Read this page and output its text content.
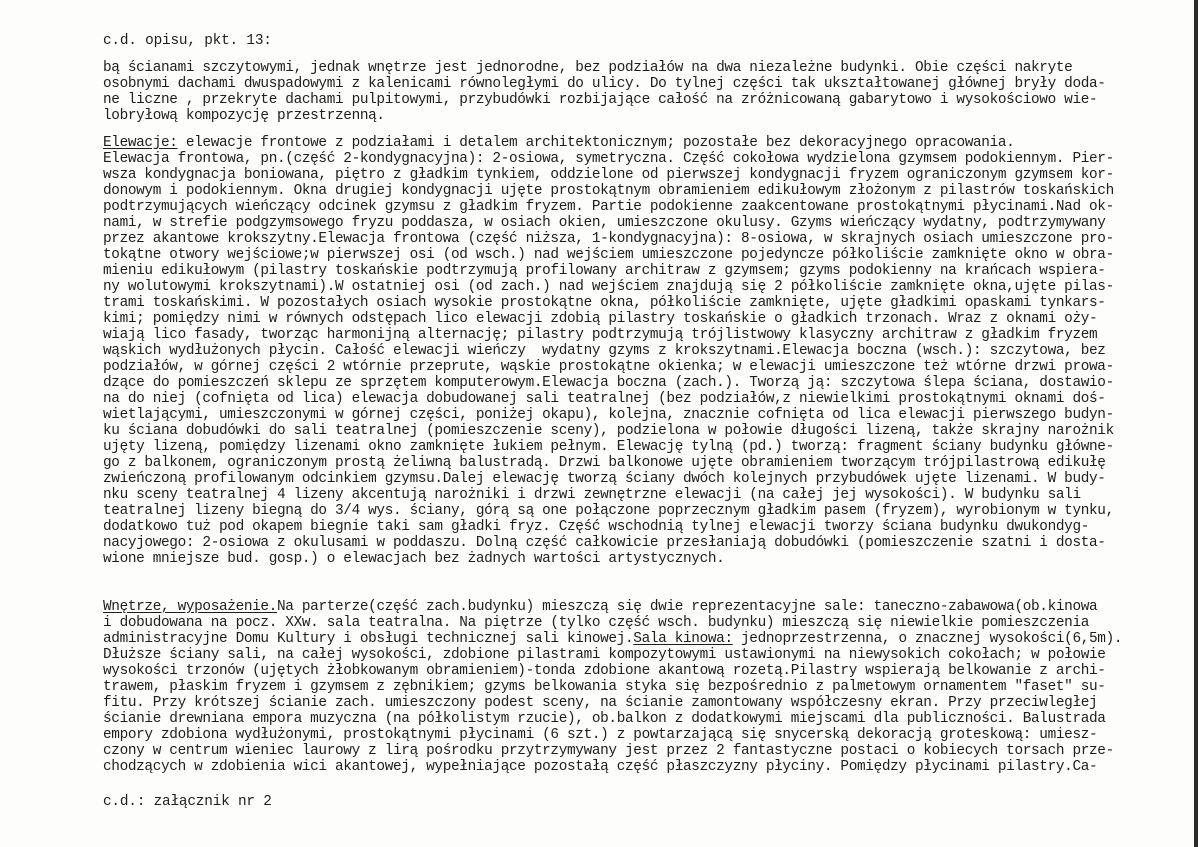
c.d. opisu, pkt. 13:

bą ścianami szczytowymi, jednak wnętrze jest jednorodne, bez podziałów na dwa niezależne budynki. Obie części nakryte

osobnymi dachami dwuspadowymi z kalenicami równoległymi do ulicy. Do tylnej części tak ukształtowanej głównej bryły doda-

ne liczne , przekryte dachami pulpitowymi, przybudówki rozbijające całość na zróżnicowaną gabarytowo i wysokościowo wie-

lobryłową kompozycję przestrzenną.

Elewacje: elewacje frontowe z podziałami i detalem architektonicznym; pozostałe bez dekoracyjnego opracowania.

Elewacja frontowa, pn.(część 2-kondygnacyjna): 2-osiowa, symetryczna. Część cokołowa wydzielona gzymsem podokiennym. Pier-

wsza kondygnacja boniowana, piętro z gładkim tynkiem, oddzielone od pierwszej kondygnacji fryzem ograniczonym gzymsem kor-

donowym i podokiennym. Okna drugiej kondygnacji ujęte prostokątnym obramieniem edikułowym złożonym z pilastrów toskańskich

podtrzymujących wieńczący odcinek gzymsu z gładkim fryzem. Partie podokienne zaakcentowane prostokątnymi płycinami.Nad ok-

nami, w strefie podgzymsowego fryzu poddasza, w osiach okien, umieszczone okulusy. Gzyms wieńczący wydatny, podtrzymywany

przez akantowe krokszytny.Elewacja frontowa (część niższa, 1-kondygnacyjna): 8-osiowa, w skrajnych osiach umieszczone pro-

tokątne otwory wejściowe;w pierwszej osi (od wsch.) nad wejściem umieszczone pojedyncze półkoliście zamknięte okno w obra-

mieniu edikułowym (pilastry toskańskie podtrzymują profilowany architraw z gzymsem; gzyms podokienny na krańcach wspiera-

ny wolutowymi krokszytnami).W ostatniej osi (od zach.) nad wejściem znajdują się 2 półkoliście zamknięte okna,ujęte pilas-

trami toskańskimi. W pozostałych osiach wysokie prostokątne okna, półkoliście zamknięte, ujęte gładkimi opaskami tynkars-

kimi; pomiędzy nimi w równych odstępach lico elewacji zdobią pilastry toskańskie o gładkich trzonach. Wraz z oknami oży-

wiają lico fasady, tworząc harmonijną alternację; pilastry podtrzymują trójlistwowy klasyczny architraw z gładkim fryzem

wąskich wydłużonych płycin. Całość elewacji wieńczy  wydatny gzyms z krokszytnami.Elewacja boczna (wsch.): szczytowa, bez

podziałów, w górnej części 2 wtórnie przeprute, wąskie prostokątne okienka; w elewacji umieszczone też wtórne drzwi prowa-

dzące do pomieszczeń sklepu ze sprzętem komputerowym.Elewacja boczna (zach.). Tworzą ją: szczytowa ślepa ściana, dostawio-

na do niej (cofnięta od lica) elewacja dobudowanej sali teatralnej (bez podziałów,z niewielkimi prostokątnymi oknami doś-

wietlającymi, umieszczonymi w górnej części, poniżej okapu), kolejna, znacznie cofnięta od lica elewacji pierwszego budyn-

ku ściana dobudówki do sali teatralnej (pomieszczenie sceny), podzielona w połowie długości lizeną, także skrajny narożnik

ujęty lizeną, pomiędzy lizenami okno zamknięte łukiem pełnym. Elewację tylną (pd.) tworzą: fragment ściany budynku główne-

go z balkonem, ograniczonym prostą żeliwną balustradą. Drzwi balkonowe ujęte obramieniem tworzącym trójpilastrową edikułę

zwieńczoną profilowanym odcinkiem gzymsu.Dalej elewację tworzą ściany dwóch kolejnych przybudówek ujęte lizenami. W budy-

nku sceny teatralnej 4 lizeny akcentują narożniki i drzwi zewnętrzne elewacji (na całej jej wysokości). W budynku sali

teatralnej lizeny biegną do 3/4 wys. ściany, górą są one połączone poprzecznym gładkim pasem (fryzem), wyrobionym w tynku,

dodatkowo tuż pod okapem biegnie taki sam gładki fryz. Część wschodnią tylnej elewacji tworzy ściana budynku dwukondyg-

nacyjowego: 2-osiowa z okulusami w poddaszu. Dolną część całkowicie przesłaniają dobudówki (pomieszczenie szatni i dosta-

wione mniejsze bud. gosp.) o elewacjach bez żadnych wartości artystycznych.

Wnętrze, wyposażenie.Na parterze(część zach.budynku) mieszczą się dwie reprezentacyjne sale: taneczno-zabawowa(ob.kinowa

i dobudowana na pocz. XXw. sala teatralna. Na piętrze (tylko część wsch. budynku) mieszczą się niewielkie pomieszczenia

administracyjne Domu Kultury i obsługi technicznej sali kinowej.Sala kinowa: jednoprzestrzenna, o znacznej wysokości(6,5m).

Dłuższe ściany sali, na całej wysokości, zdobione pilastrami kompozytowymi ustawionymi na niewysokich cokołach; w połowie

wysokości trzonów (ujętych żłobkowanym obramieniem)-tonda zdobione akantową rozetą.Pilastry wspierają belkowanie z archi-

trawem, płaskim fryzem i gzymsem z zębnikiem; gzyms belkowania styka się bezpośrednio z palmetowym ornamentem "faset" su-

fitu. Przy krótszej ścianie zach. umieszczony podest sceny, na ścianie zamontowany współczesny ekran. Przy przeciwległej

ścianie drewniana empora muzyczna (na półkolistym rzucie), ob.balkon z dodatkowymi miejscami dla publiczności. Balustrada

empory zdobiona wydłużonymi, prostokątnymi płycinami (6 szt.) z powtarzającą się snycerską dekoracją groteskową: umiesz-

czony w centrum wieniec laurowy z lirą pośrodku przytrzymywany jest przez 2 fantastyczne postaci o kobiecych torsach prze-

chodzących w zdobienia wici akantowej, wypełniające pozostałą część płaszczyzny płyciny. Pomiędzy płycinami pilastry.Ca-

c.d.: załącznik nr 2
